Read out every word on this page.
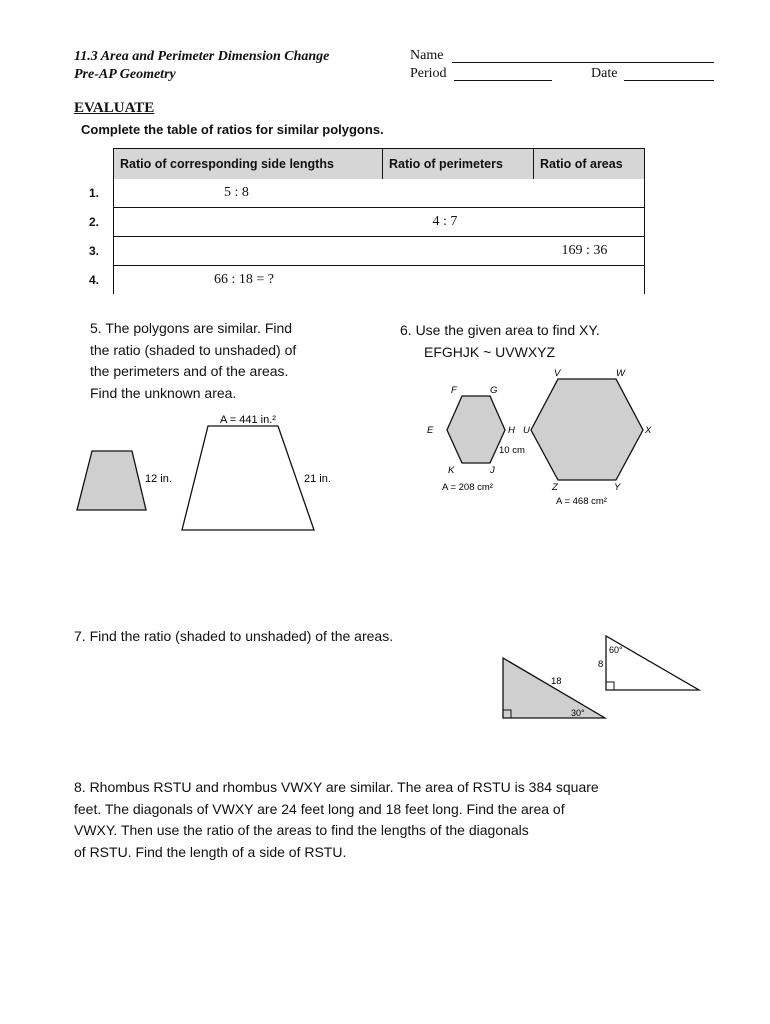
11.3 Area and Perimeter Dimension Change
Pre-AP Geometry
Name
Period	Date
EVALUATE
Complete the table of ratios for similar polygons.
	Ratio of corresponding side lengths	Ratio of perimeters	Ratio of areas
1.	5 : 8		
2.		4 : 7	
3.			169 : 36
4.	66 : 18 = ?		
5. The polygons are similar. Find
the ratio (shaded to unshaded) of
the perimeters and of the areas.
Find the unknown area.
A = 441 in.²
12 in.	21 in.
6. Use the given area to find XY.
EFGHJK ~ UVWXYZ
F	G
E	H
K	J
V	W
U	X
Z	Y
10 cm
A = 208 cm²
A = 468 cm²
7. Find the ratio (shaded to unshaded) of the areas.
18
30°
8
60°
8. Rhombus RSTU and rhombus VWXY are similar. The area of RSTU is 384 square
feet. The diagonals of VWXY are 24 feet long and 18 feet long. Find the area of
VWXY. Then use the ratio of the areas to find the lengths of the diagonals
of RSTU. Find the length of a side of RSTU.
